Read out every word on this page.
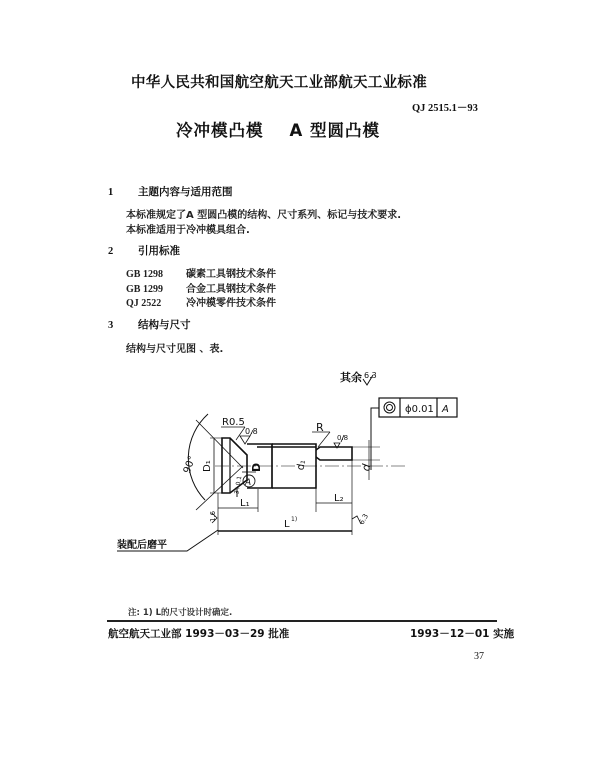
中华人民共和国航空航天工业部航天工业标准
QJ 2515.1－93
冷冲模凸模 A 型圆凸模
1 主题内容与适用范围
本标准规定了A 型圆凸模的结构、尺寸系列、标记与技术要求.
本标准适用于冷冲模具组合.
2 引用标准
GB 1298 碳素工具钢技术条件
GB 1299 合金工具钢技术条件
QJ 2522 冷冲模零件技术条件
3 结构与尺寸
结构与尺寸见图 、表.
其余 6.3
ϕ0.01 A
90° D₁
R0.5
0.8
D	d₁
R
0.8
d
A
3+0.1
L₁	L₂
L 1)
1.6	6.3
装配后磨平
注: 1) L的尺寸设计时确定.
航空航天工业部 1993－03－29 批准	1993－12－01 实施
37
